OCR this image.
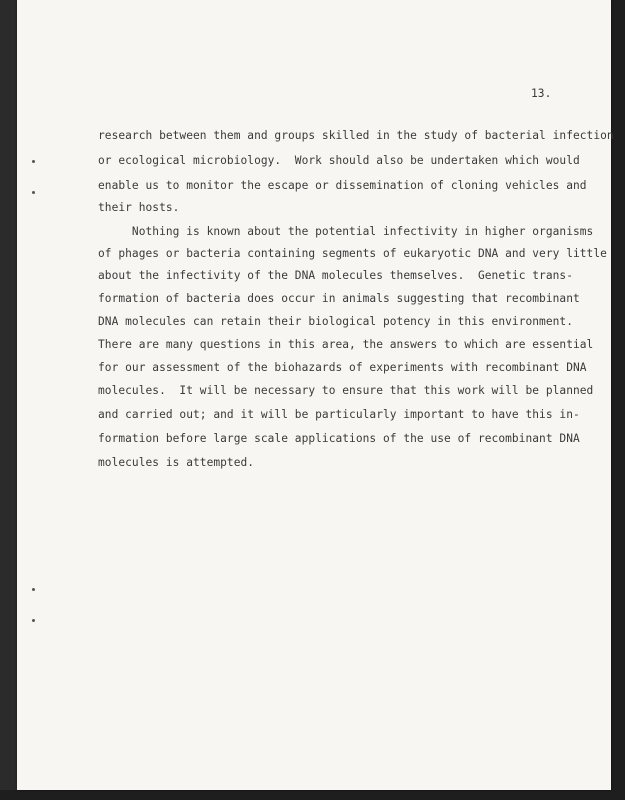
13.
research between them and groups skilled in the study of bacterial infection
or ecological microbiology.  Work should also be undertaken which would
enable us to monitor the escape or dissemination of cloning vehicles and
their hosts.
Nothing is known about the potential infectivity in higher organisms
of phages or bacteria containing segments of eukaryotic DNA and very little
about the infectivity of the DNA molecules themselves.  Genetic trans-
formation of bacteria does occur in animals suggesting that recombinant
DNA molecules can retain their biological potency in this environment.
There are many questions in this area, the answers to which are essential
for our assessment of the biohazards of experiments with recombinant DNA
molecules.  It will be necessary to ensure that this work will be planned
and carried out; and it will be particularly important to have this in-
formation before large scale applications of the use of recombinant DNA
molecules is attempted.
